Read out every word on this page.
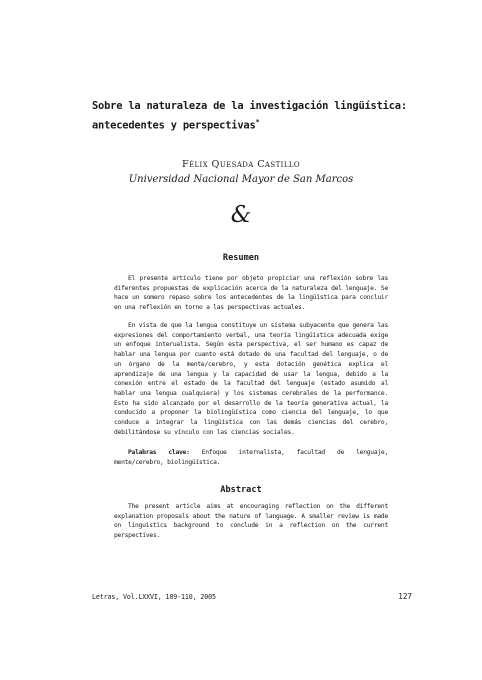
Sobre la naturaleza de la investigación lingüística: antecedentes y perspectivas*
Félix Quesada Castillo
Universidad Nacional Mayor de San Marcos
&
Resumen

El presente artículo tiene por objeto propiciar una reflexión sobre las diferentes propuestas de explicación acerca de la naturaleza del lenguaje. Se hace un somero repaso sobre los antecedentes de la lingüística para concluir en una reflexión en torno a las perspectivas actuales.

En vista de que la lengua constituye un sistema subyacente que genera las expresiones del comportamiento verbal, una teoría lingüística adecuada exige un enfoque interualista. Según esta perspectiva, el ser humano es capaz de hablar una lengua por cuanto está dotado de una facultad del lenguaje, o de un órgano de la mente/cerebro, y esta dotación genética explica el aprendizaje de una lengua y la capacidad de usar la lengua, debido a la conexión entre el estado de la facultad del lenguaje (estado asumido al hablar una lengua cualquiera) y los sistemas cerebrales de la performance. Esto ha sido alcanzado por el desarrollo de la teoría generativa actual, la conducido a proponer la biolingüística como ciencia del lenguaje, lo que conduce a integrar la lingüística con las demás ciencias del cerebro, debilitándose su vínculo con las ciencias sociales.

Palabras clave: Enfoque internalista, facultad de lenguaje, mente/cerebro, biolingüística.

Abstract

The present article aims at encouraging reflection on the different explanation proposals about the nature of language. A smaller review is made on linguistics background to conclude in a reflection on the current perspectives.

Letras, Vol.LXXVI, 109-110, 2005	127
